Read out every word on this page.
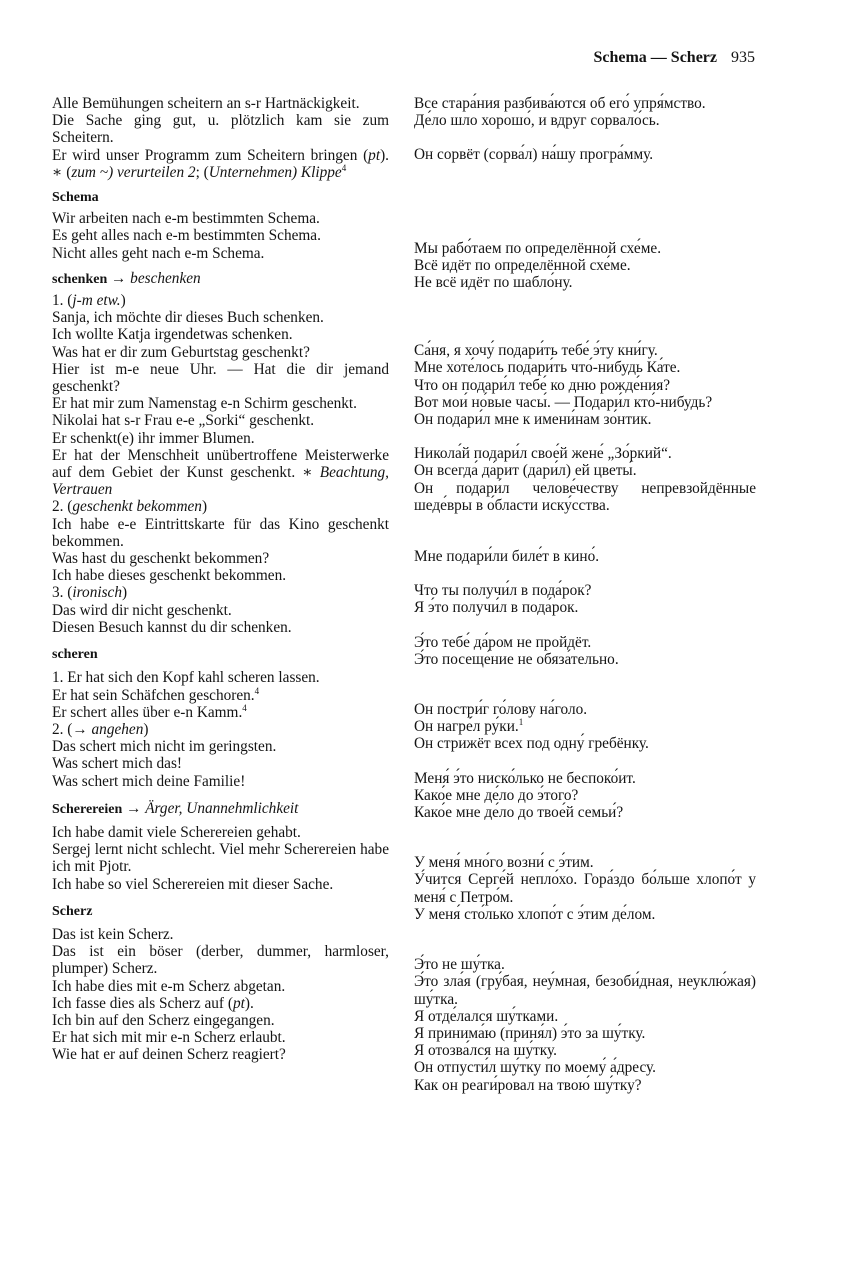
Schema — Scherz 935
Alle Bemühungen scheitern an s-r Hartnäckigkeit.
Die Sache ging gut, u. plötzlich kam sie zum Scheitern.
Er wird unser Programm zum Scheitern bringen (pt). ∗ (zum ~) verurteilen 2; (Unternehmen) Klippe$^4$
Schema
Wir arbeiten nach e-m bestimmten Schema.
Es geht alles nach e-m bestimmten Schema.
Nicht alles geht nach e-m Schema.
schenken → beschenken
1. (j-m etw.)
Sanja, ich möchte dir dieses Buch schenken.
Ich wollte Katja irgendetwas schenken.
Was hat er dir zum Geburtstag geschenkt?
Hier ist m-e neue Uhr. — Hat die dir jemand geschenkt?
Er hat mir zum Namenstag e-n Schirm geschenkt.
Nikolai hat s-r Frau e-e „Sorki“ geschenkt.
Er schenkt(e) ihr immer Blumen.
Er hat der Menschheit unübertroffene Meisterwerke auf dem Gebiet der Kunst geschenkt. ∗ Beachtung, Vertrauen
2. (geschenkt bekommen)
Ich habe e-e Eintrittskarte für das Kino geschenkt bekommen.
Was hast du geschenkt bekommen?
Ich habe dieses geschenkt bekommen.
3. (ironisch)
Das wird dir nicht geschenkt.
Diesen Besuch kannst du dir schenken.
scheren
1. Er hat sich den Kopf kahl scheren lassen.
Er hat sein Schäfchen geschoren.$^4$
Er schert alles über e-n Kamm.$^4$
2. (→ angehen)
Das schert mich nicht im geringsten.
Was schert mich das!
Was schert mich deine Familie!
Scherereien → Ärger, Unannehmlichkeit
Ich habe damit viele Scherereien gehabt.
Sergej lernt nicht schlecht. Viel mehr Scherereien habe ich mit Pjotr.
Ich habe so viel Scherereien mit dieser Sache.
Scherz
Das ist kein Scherz.
Das ist ein böser (derber, dummer, harmloser, plumper) Scherz.
Ich habe dies mit e-m Scherz abgetan.
Ich fasse dies als Scherz auf (pt).
Ich bin auf den Scherz eingegangen.
Er hat sich mit mir e-n Scherz erlaubt.
Wie hat er auf deinen Scherz reagiert?
Все стара́ния разбива́ются об его́ упря́мство.
Де́ло шло хорошо́, и вдруг сорвало́сь.
Он сорвёт (сорва́л) на́шу програ́мму.
Мы рабо́таем по определённой схе́ме.
Всё идёт по определённой схе́ме.
Не всё идёт по шабло́ну.
Са́ня, я хочу́ подари́ть тебе́ э́ту кни́гу.
Мне хоте́лось подари́ть что́-нибудь Ка́те.
Что он подари́л тебе́ ко дню рожде́ния?
Вот мои́ но́вые часы́. — Подари́л кто́-нибудь?
Он подари́л мне к имени́нам зо́нтик.
Никола́й подари́л свое́й жене́ „Зо́ркий“.
Он всегда́ да́рит (дари́л) ей цветы́.
Он подари́л челове́честву непревзойдённые шеде́вры в о́бласти иску́сства.
Мне подари́ли биле́т в кино́.
Что ты получи́л в пода́рок?
Я э́то получи́л в пода́рок.
Э́то тебе́ да́ром не пройдёт.
Э́то посеще́ние не обяза́тельно.
Он постри́г го́лову на́голо.
Он нагре́л ру́ки.$^1$
Он стрижёт всех под одну́ гребёнку.
Меня́ э́то ниско́лько не беспоко́ит.
Како́е мне де́ло до э́того?
Како́е мне де́ло до твое́й семьи́?
У меня́ мно́го возни́ с э́тим.
У́чится Серге́й непло́хо. Гора́здо бо́льше хлопо́т у меня́ с Петро́м.
У меня́ сто́лько хлопо́т с э́тим де́лом.
Э́то не шу́тка.
Э́то зла́я (гру́бая, неу́мная, безоби́дная, неуклю́жая) шу́тка.
Я отде́лался шу́тками.
Я принима́ю (приня́л) э́то за шу́тку.
Я отозва́лся на шу́тку.
Он отпусти́л шу́тку по моему́ а́дресу.
Как он реаги́ровал на твою́ шу́тку?
